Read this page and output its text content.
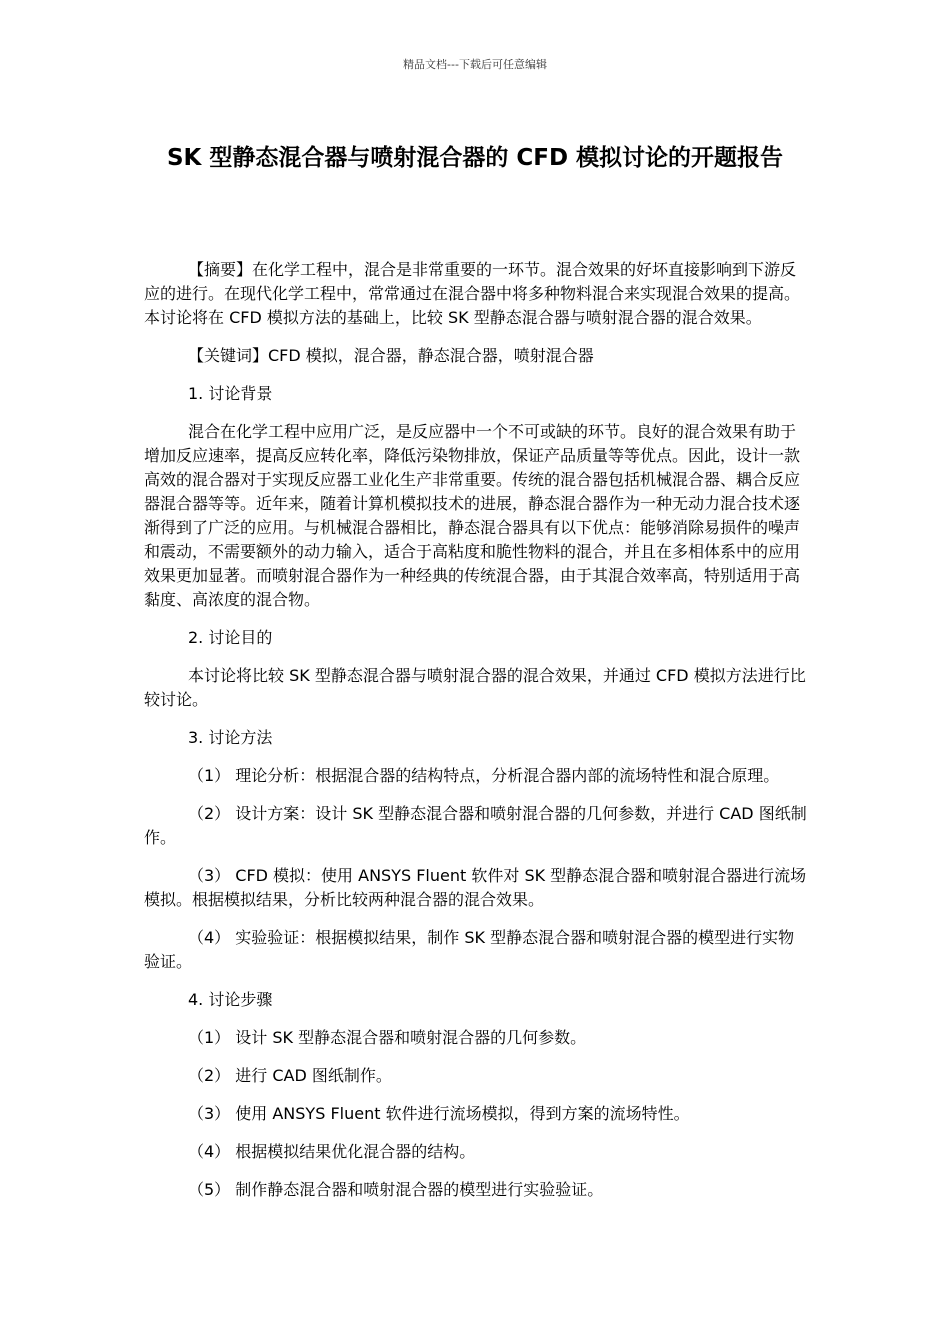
精品文档---下载后可任意编辑
SK 型静态混合器与喷射混合器的 CFD 模拟讨论的开题报告

【摘要】在化学工程中，混合是非常重要的一环节。混合效果的好坏直接影响到下游反应的进行。在现代化学工程中，常常通过在混合器中将多种物料混合来实现混合效果的提高。本讨论将在 CFD 模拟方法的基础上，比较 SK 型静态混合器与喷射混合器的混合效果。

【关键词】CFD 模拟，混合器，静态混合器，喷射混合器

1. 讨论背景

混合在化学工程中应用广泛，是反应器中一个不可或缺的环节。良好的混合效果有助于增加反应速率，提高反应转化率，降低污染物排放，保证产品质量等等优点。因此，设计一款高效的混合器对于实现反应器工业化生产非常重要。传统的混合器包括机械混合器、耦合反应器混合器等等。近年来，随着计算机模拟技术的进展，静态混合器作为一种无动力混合技术逐渐得到了广泛的应用。与机械混合器相比，静态混合器具有以下优点：能够消除易损件的噪声和震动，不需要额外的动力输入，适合于高粘度和脆性物料的混合，并且在多相体系中的应用效果更加显著。而喷射混合器作为一种经典的传统混合器，由于其混合效率高，特别适用于高黏度、高浓度的混合物。

2. 讨论目的

本讨论将比较 SK 型静态混合器与喷射混合器的混合效果，并通过 CFD 模拟方法进行比较讨论。

3. 讨论方法

（1） 理论分析：根据混合器的结构特点，分析混合器内部的流场特性和混合原理。

（2） 设计方案：设计 SK 型静态混合器和喷射混合器的几何参数，并进行 CAD 图纸制作。

（3） CFD 模拟：使用 ANSYS Fluent 软件对 SK 型静态混合器和喷射混合器进行流场模拟。根据模拟结果，分析比较两种混合器的混合效果。

（4） 实验验证：根据模拟结果，制作 SK 型静态混合器和喷射混合器的模型进行实物验证。

4. 讨论步骤

（1） 设计 SK 型静态混合器和喷射混合器的几何参数。

（2） 进行 CAD 图纸制作。

（3） 使用 ANSYS Fluent 软件进行流场模拟，得到方案的流场特性。

（4） 根据模拟结果优化混合器的结构。

（5） 制作静态混合器和喷射混合器的模型进行实验验证。
